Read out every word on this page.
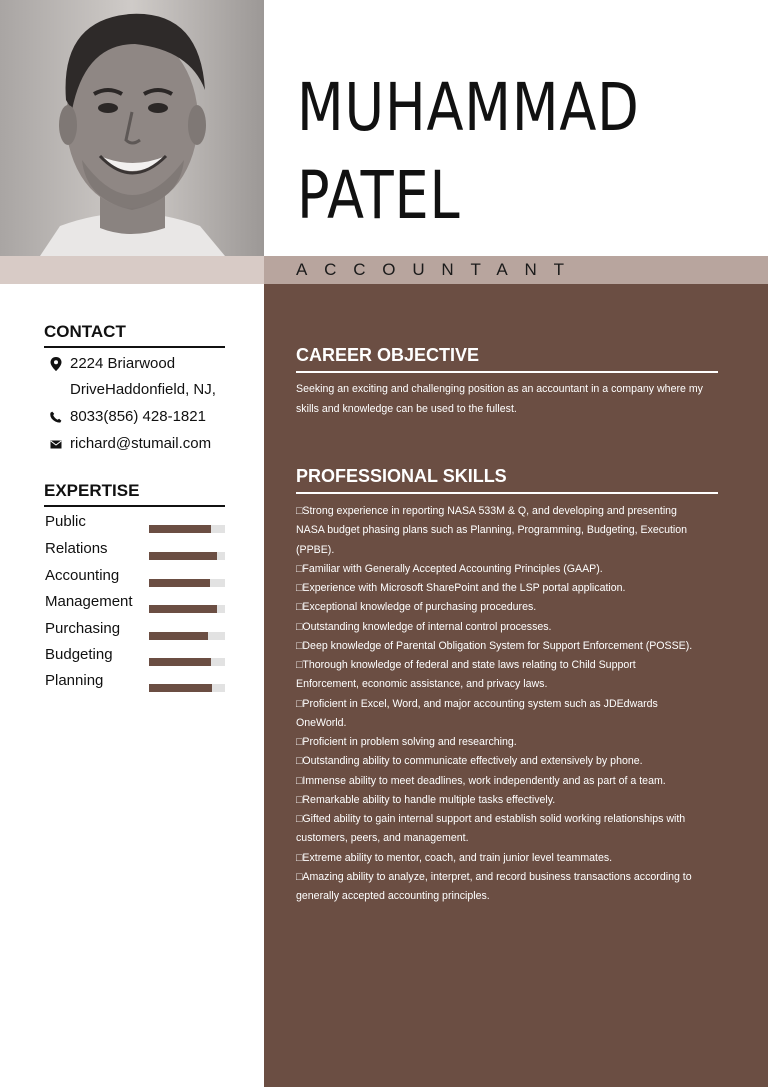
MUHAMMAD
PATEL
ACCOUNTANT
CONTACT
2224 Briarwood
DriveHaddonfield, NJ,
8033(856) 428-1821
richard@stumail.com
EXPERTISE
Public
Relations
Accounting
Management
Purchasing
Budgeting
Planning
CAREER OBJECTIVE
Seeking an exciting and challenging position as an accountant in a company where my
skills and knowledge can be used to the fullest.
PROFESSIONAL SKILLS
□Strong experience in reporting NASA 533M & Q, and developing and presenting
NASA budget phasing plans such as Planning, Programming, Budgeting, Execution
(PPBE).
□Familiar with Generally Accepted Accounting Principles (GAAP).
□Experience with Microsoft SharePoint and the LSP portal application.
□Exceptional knowledge of purchasing procedures.
□Outstanding knowledge of internal control processes.
□Deep knowledge of Parental Obligation System for Support Enforcement (POSSE).
□Thorough knowledge of federal and state laws relating to Child Support
Enforcement, economic assistance, and privacy laws.
□Proficient in Excel, Word, and major accounting system such as JDEdwards
OneWorld.
□Proficient in problem solving and researching.
□Outstanding ability to communicate effectively and extensively by phone.
□Immense ability to meet deadlines, work independently and as part of a team.
□Remarkable ability to handle multiple tasks effectively.
□Gifted ability to gain internal support and establish solid working relationships with
customers, peers, and management.
□Extreme ability to mentor, coach, and train junior level teammates.
□Amazing ability to analyze, interpret, and record business transactions according to
generally accepted accounting principles.
